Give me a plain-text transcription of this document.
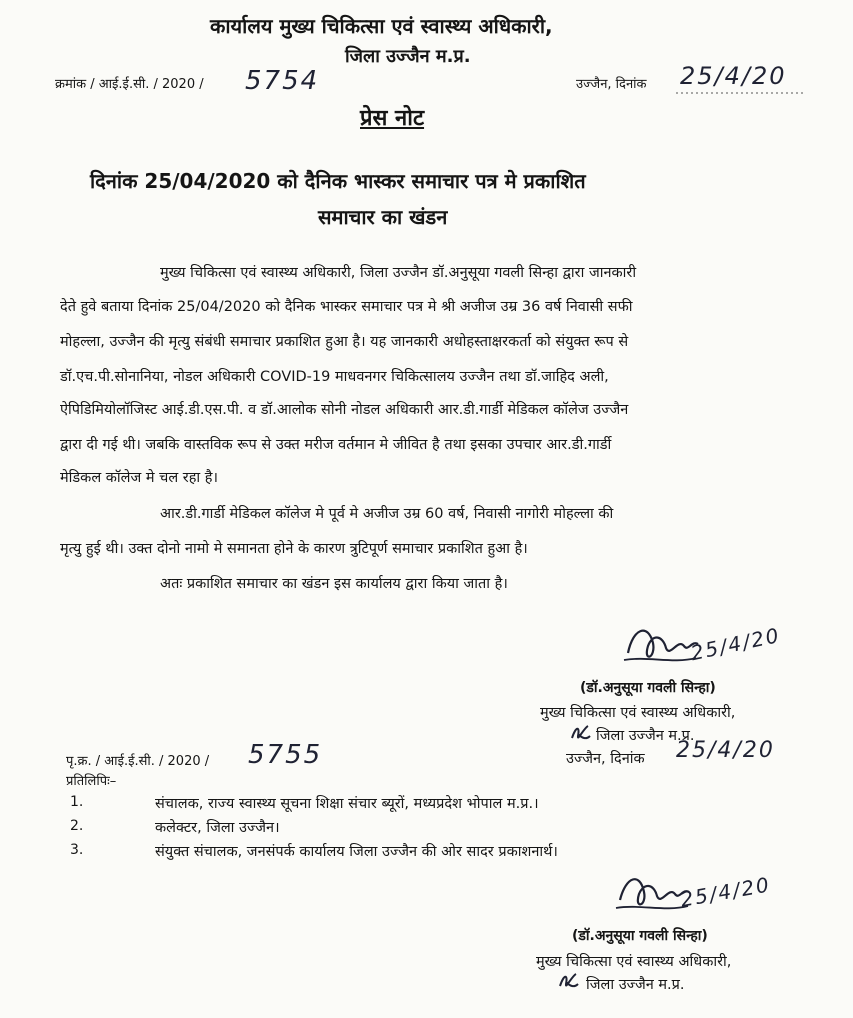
कार्यालय मुख्य चिकित्सा एवं स्वास्थ्य अधिकारी,
जिला उज्जैन म.प्र.
क्रमांक / आई.ई.सी. / 2020 / 5754	उज्जैन, दिनांक 25/4/20
प्रेस नोट
दिनांक 25/04/2020 को दैनिक भास्कर समाचार पत्र मे प्रकाशित
समाचार का खंडन
मुख्य चिकित्सा एवं स्वास्थ्य अधिकारी, जिला उज्जैन डॉ.अनुसूया गवली सिन्हा द्वारा जानकारी
देते हुवे बताया दिनांक 25/04/2020 को दैनिक भास्कर समाचार पत्र मे श्री अजीज उम्र 36 वर्ष निवासी सफी
मोहल्ला, उज्जैन की मृत्यु संबंधी समाचार प्रकाशित हुआ है। यह जानकारी अधोहस्ताक्षरकर्ता को संयुक्त रूप से
डॉ.एच.पी.सोनानिया, नोडल अधिकारी COVID-19 माधवनगर चिकित्सालय उज्जैन तथा डॉ.जाहिद अली,
ऐपिडिमियोलॉजिस्ट आई.डी.एस.पी. व डॉ.आलोक सोनी नोडल अधिकारी आर.डी.गार्डी मेडिकल कॉलेज उज्जैन
द्वारा दी गई थी। जबकि वास्तविक रूप से उक्त मरीज वर्तमान मे जीवित है तथा इसका उपचार आर.डी.गार्डी
मेडिकल कॉलेज मे चल रहा है।
आर.डी.गार्डी मेडिकल कॉलेज मे पूर्व मे अजीज उम्र 60 वर्ष, निवासी नागोरी मोहल्ला की
मृत्यु हुई थी। उक्त दोनो नामो मे समानता होने के कारण त्रुटिपूर्ण समाचार प्रकाशित हुआ है।
अतः प्रकाशित समाचार का खंडन इस कार्यालय द्वारा किया जाता है।
25/4/20
(डॉ.अनुसूया गवली सिन्हा)
मुख्य चिकित्सा एवं स्वास्थ्य अधिकारी,
जिला उज्जैन म.प्र.
उज्जैन, दिनांक 25/4/20
पृ.क्र. / आई.ई.सी. / 2020 / 5755
प्रतिलिपिः–
1.	संचालक, राज्य स्वास्थ्य सूचना शिक्षा संचार ब्यूरों, मध्यप्रदेश भोपाल म.प्र.।
2.	कलेक्टर, जिला उज्जैन।
3.	संयुक्त संचालक, जनसंपर्क कार्यालय जिला उज्जैन की ओर सादर प्रकाशनार्थ।
25/4/20
(डॉ.अनुसूया गवली सिन्हा)
मुख्य चिकित्सा एवं स्वास्थ्य अधिकारी,
जिला उज्जैन म.प्र.
